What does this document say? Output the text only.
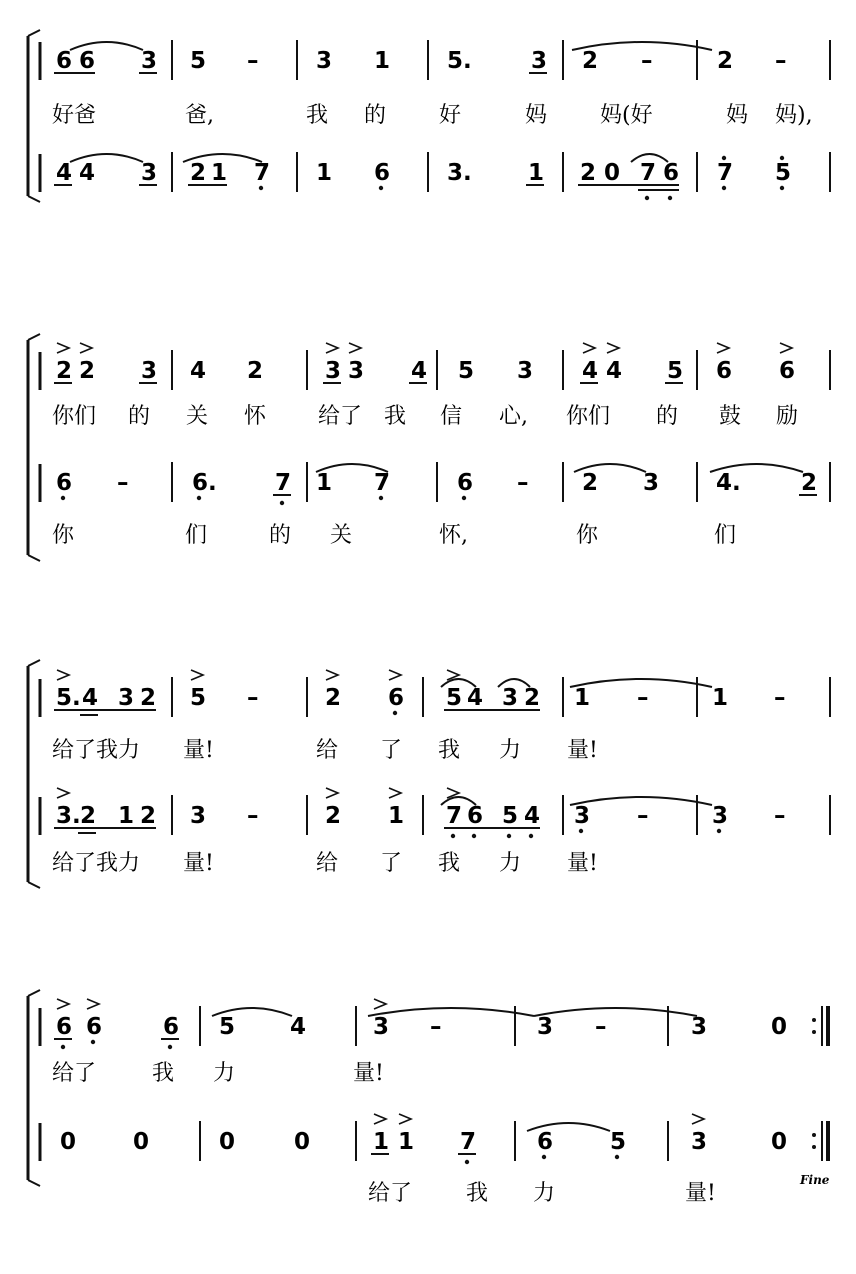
6 6 3 5 –	3 1 5.	3 2 –	2 –
好爸	爸,	我 的 好	妈 妈(好	妈 妈),
4 4 3 2 1 7 1 6 3. 1 2 0 7 6 7 5
2 2 3 4 2	3 3 4 5 3 4 4 5 6 6
你们 的 关 怀 给了 我 信 心, 你们 的 鼓 励
6 –	6.	7 1 7	6 – 2 3 4.	2
你	们	的 关	怀,	你	们
5. 4 3 2 5 –	2 6 5 4 3 2 1 –	1 –
给了我力 量!	给 了 我 力 量!
3. 2 1 2 3 –	2 1 7 6 5 4 3 –	3 –
给了我力 量!	给 了 我 力 量!
6 6	6 5 4	3 –	3 –	3	0
给了	我 力	量!
0 0	0	0	1 1 7	6 5	3	0
给了 我 力	量!
Fine
